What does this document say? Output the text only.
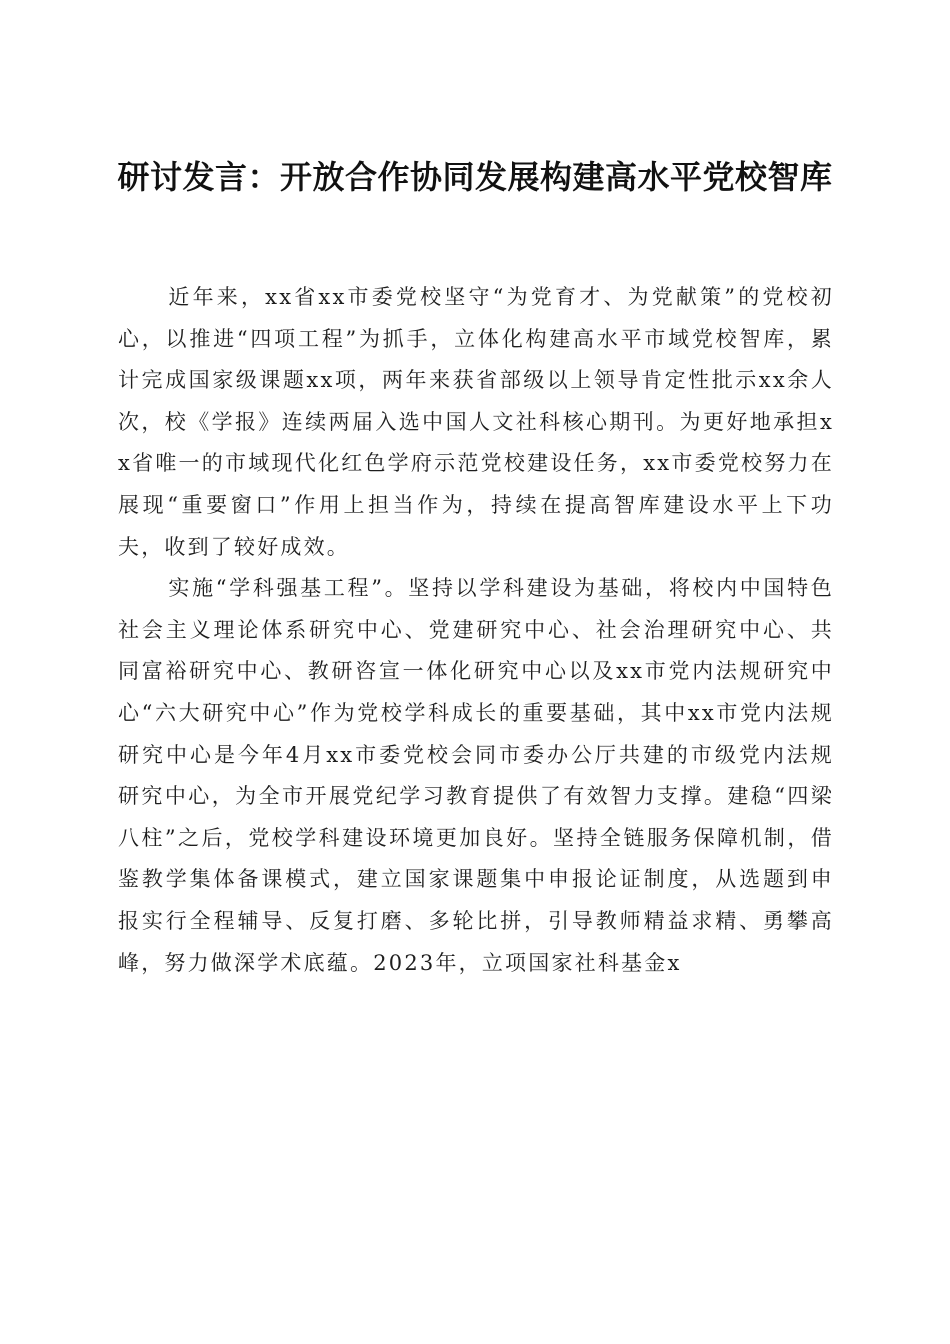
研讨发言：开放合作协同发展构建高水平党校智库

近年来，xx省xx市委党校坚守“为党育才、为党献策”的党校初心，以推进“四项工程”为抓手，立体化构建高水平市域党校智库，累计完成国家级课题xx项，两年来获省部级以上领导肯定性批示xx余人次，校《学报》连续两届入选中国人文社科核心期刊。为更好地承担xx省唯一的市域现代化红色学府示范党校建设任务，xx市委党校努力在展现“重要窗口”作用上担当作为，持续在提高智库建设水平上下功夫，收到了较好成效。

实施“学科强基工程”。坚持以学科建设为基础，将校内中国特色社会主义理论体系研究中心、党建研究中心、社会治理研究中心、共同富裕研究中心、教研咨宣一体化研究中心以及xx市党内法规研究中心“六大研究中心”作为党校学科成长的重要基础，其中xx市党内法规研究中心是今年4月xx市委党校会同市委办公厅共建的市级党内法规研究中心，为全市开展党纪学习教育提供了有效智力支撑。建稳“四梁八柱”之后，党校学科建设环境更加良好。坚持全链服务保障机制，借鉴教学集体备课模式，建立国家课题集中申报论证制度，从选题到申报实行全程辅导、反复打磨、多轮比拼，引导教师精益求精、勇攀高峰，努力做深学术底蕴。2023年，立项国家社科基金x
